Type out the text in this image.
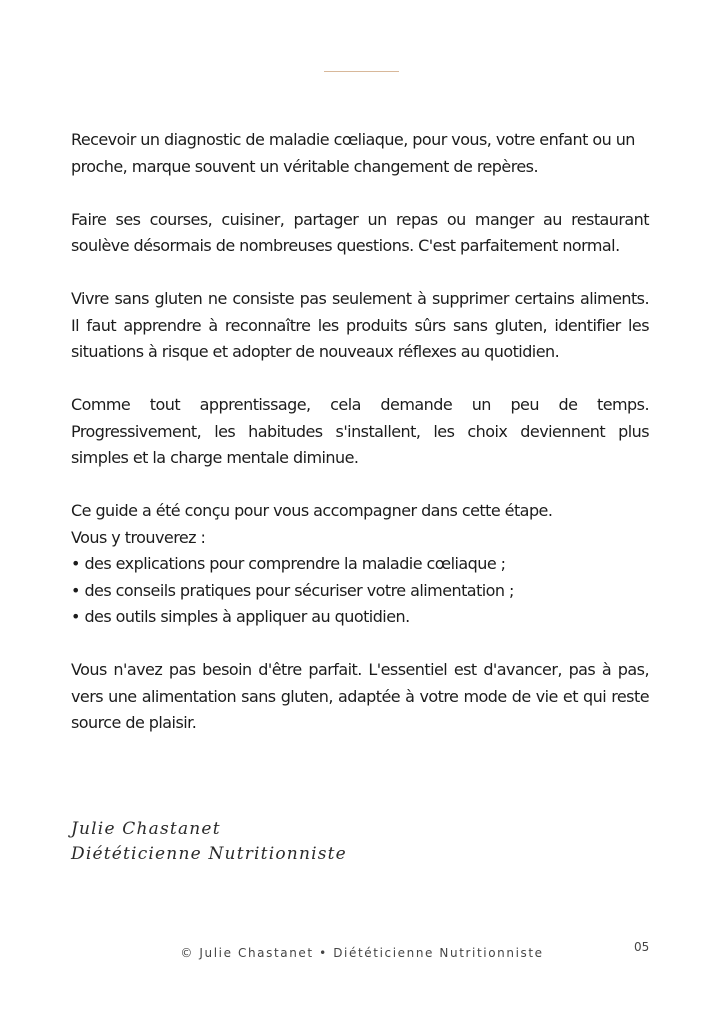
Recevoir un diagnostic de maladie cœliaque, pour vous, votre enfant ou un proche, marque souvent un véritable changement de repères.

Faire ses courses, cuisiner, partager un repas ou manger au restaurant soulève désormais de nombreuses questions. C'est parfaitement normal.

Vivre sans gluten ne consiste pas seulement à supprimer certains aliments. Il faut apprendre à reconnaître les produits sûrs sans gluten, identifier les situations à risque et adopter de nouveaux réflexes au quotidien.

Comme tout apprentissage, cela demande un peu de temps. Progressivement, les habitudes s'installent, les choix deviennent plus simples et la charge mentale diminue.

Ce guide a été conçu pour vous accompagner dans cette étape.
Vous y trouverez :
• des explications pour comprendre la maladie cœliaque ;
• des conseils pratiques pour sécuriser votre alimentation ;
• des outils simples à appliquer au quotidien.

Vous n'avez pas besoin d'être parfait. L'essentiel est d'avancer, pas à pas, vers une alimentation sans gluten, adaptée à votre mode de vie et qui reste source de plaisir.

Julie Chastanet
Diététicienne Nutritionniste
© Julie Chastanet • Diététicienne Nutritionniste	05
